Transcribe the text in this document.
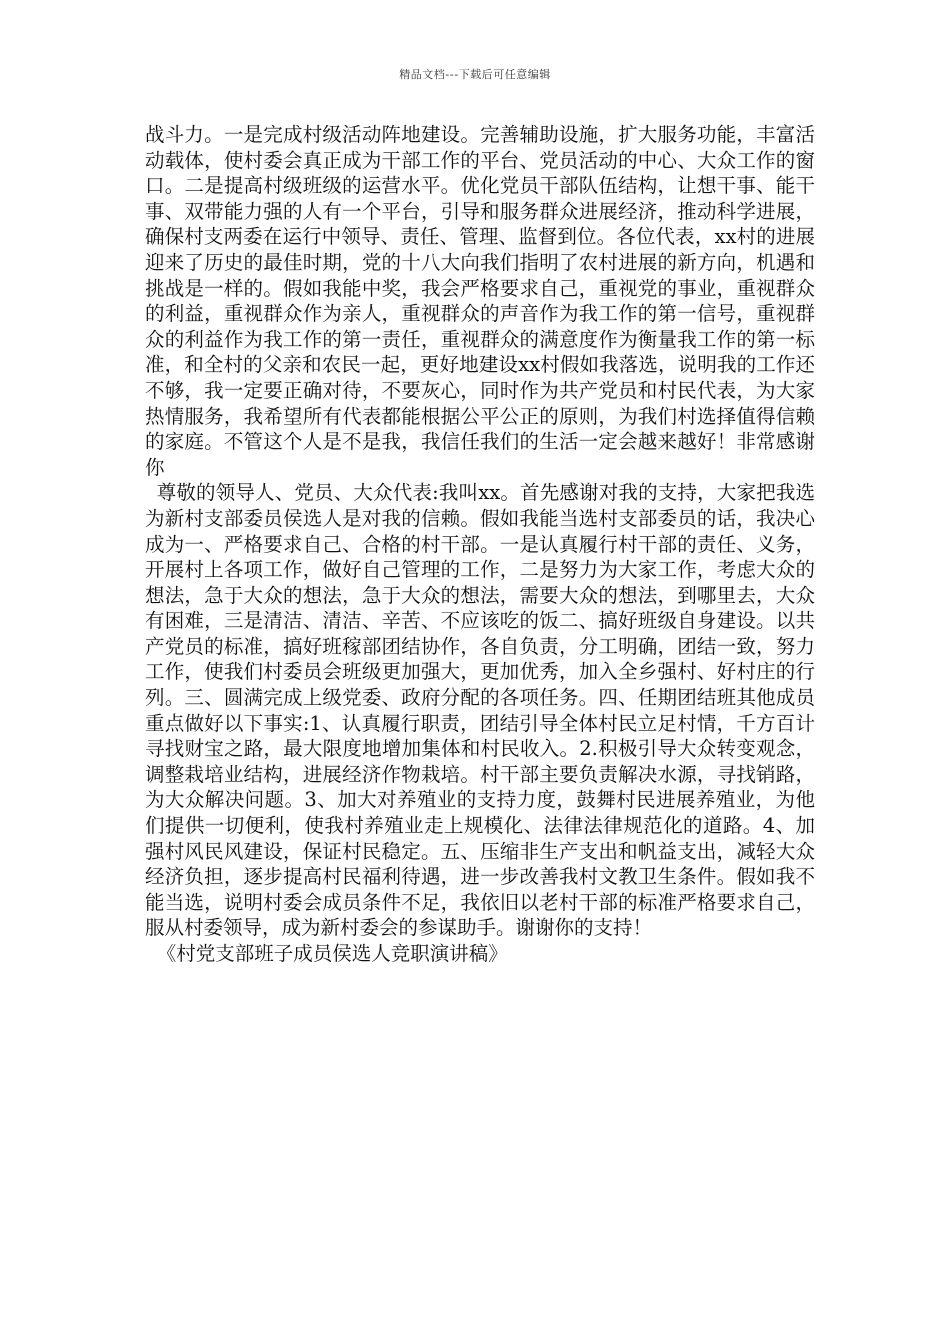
精品文档---下载后可任意编辑

战斗力。一是完成村级活动阵地建设。完善辅助设施，扩大服务功能，丰富活动载体，使村委会真正成为干部工作的平台、党员活动的中心、大众工作的窗口。二是提高村级班级的运营水平。优化党员干部队伍结构，让想干事、能干事、双带能力强的人有一个平台，引导和服务群众进展经济，推动科学进展，确保村支两委在运行中领导、责任、管理、监督到位。各位代表，xx村的进展迎来了历史的最佳时期，党的十八大向我们指明了农村进展的新方向，机遇和挑战是一样的。假如我能中奖，我会严格要求自己，重视党的事业，重视群众的利益，重视群众作为亲人，重视群众的声音作为我工作的第一信号，重视群众的利益作为我工作的第一责任，重视群众的满意度作为衡量我工作的第一标准，和全村的父亲和农民一起，更好地建设xx村假如我落选，说明我的工作还不够，我一定要正确对待，不要灰心，同时作为共产党员和村民代表，为大家热情服务，我希望所有代表都能根据公平公正的原则，为我们村选择值得信赖的家庭。不管这个人是不是我，我信任我们的生活一定会越来越好！非常感谢你

尊敬的领导人、党员、大众代表:我叫xx。首先感谢对我的支持，大家把我选为新村支部委员侯选人是对我的信赖。假如我能当选村支部委员的话，我决心成为一、严格要求自己、合格的村干部。一是认真履行村干部的责任、义务，开展村上各项工作，做好自己管理的工作，二是努力为大家工作，考虑大众的想法，急于大众的想法，急于大众的想法，需要大众的想法，到哪里去，大众有困难，三是清洁、清洁、辛苦、不应该吃的饭二、搞好班级自身建设。以共产党员的标准，搞好班稼部团结协作，各自负责，分工明确，团结一致，努力工作，使我们村委员会班级更加强大，更加优秀，加入全乡强村、好村庄的行列。三、圆满完成上级党委、政府分配的各项任务。四、任期团结班其他成员重点做好以下事实:1、认真履行职责，团结引导全体村民立足村情，千方百计寻找财宝之路，最大限度地增加集体和村民收入。2.积极引导大众转变观念，调整栽培业结构，进展经济作物栽培。村干部主要负责解决水源，寻找销路，为大众解决问题。3、加大对养殖业的支持力度，鼓舞村民进展养殖业，为他们提供一切便利，使我村养殖业走上规模化、法律法律规范化的道路。4、加强村风民风建设，保证村民稳定。五、压缩非生产支出和帆益支出，减轻大众经济负担，逐步提高村民福利待遇，进一步改善我村文教卫生条件。假如我不能当选，说明村委会成员条件不足，我依旧以老村干部的标准严格要求自己，服从村委领导，成为新村委会的参谋助手。谢谢你的支持！

《村党支部班子成员侯选人竞职演讲稿》
